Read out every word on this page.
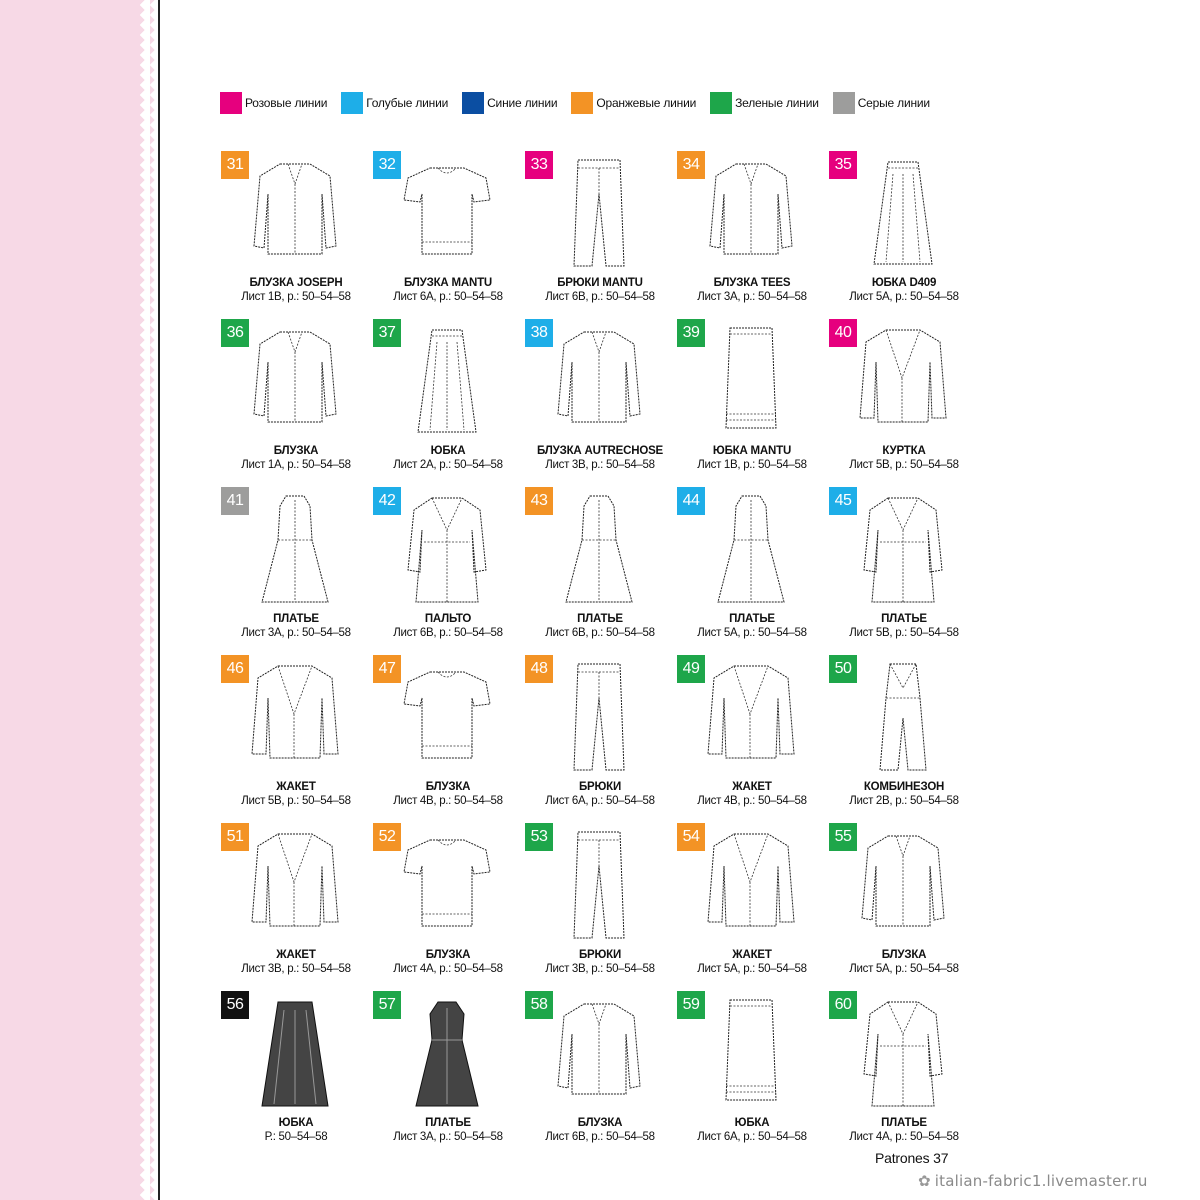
Розовые линии	Голубые линии	Синие линии	Оранжевые линии	Зеленые линии	Серые линии
31
БЛУЗКА JOSEPH
Лист 1В, р.: 50–54–58
32
БЛУЗКА MANTU
Лист 6А, р.: 50–54–58
33
БРЮКИ MANTU
Лист 6В, р.: 50–54–58
34
БЛУЗКА TEES
Лист 3А, р.: 50–54–58
35
ЮБКА D409
Лист 5А, р.: 50–54–58
36
БЛУЗКА
Лист 1А, р.: 50–54–58
37
ЮБКА
Лист 2А, р.: 50–54–58
38
БЛУЗКА AUTRECHOSE
Лист 3В, р.: 50–54–58
39
ЮБКА MANTU
Лист 1В, р.: 50–54–58
40
КУРТКА
Лист 5В, р.: 50–54–58
41
ПЛАТЬЕ
Лист 3А, р.: 50–54–58
42
ПАЛЬТО
Лист 6В, р.: 50–54–58
43
ПЛАТЬЕ
Лист 6В, р.: 50–54–58
44
ПЛАТЬЕ
Лист 5А, р.: 50–54–58
45
ПЛАТЬЕ
Лист 5В, р.: 50–54–58
46
ЖАКЕТ
Лист 5В, р.: 50–54–58
47
БЛУЗКА
Лист 4В, р.: 50–54–58
48
БРЮКИ
Лист 6А, р.: 50–54–58
49
ЖАКЕТ
Лист 4В, р.: 50–54–58
50
КОМБИНЕЗОН
Лист 2В, р.: 50–54–58
51
ЖАКЕТ
Лист 3В, р.: 50–54–58
52
БЛУЗКА
Лист 4А, р.: 50–54–58
53
БРЮКИ
Лист 3В, р.: 50–54–58
54
ЖАКЕТ
Лист 5А, р.: 50–54–58
55
БЛУЗКА
Лист 5А, р.: 50–54–58
56
ЮБКА
Р.: 50–54–58
57
ПЛАТЬЕ
Лист 3А, р.: 50–54–58
58
БЛУЗКА
Лист 6В, р.: 50–54–58
59
ЮБКА
Лист 6А, р.: 50–54–58
60
ПЛАТЬЕ
Лист 4А, р.: 50–54–58
Patrones 37
✿ italian-fabric1.livemaster.ru
